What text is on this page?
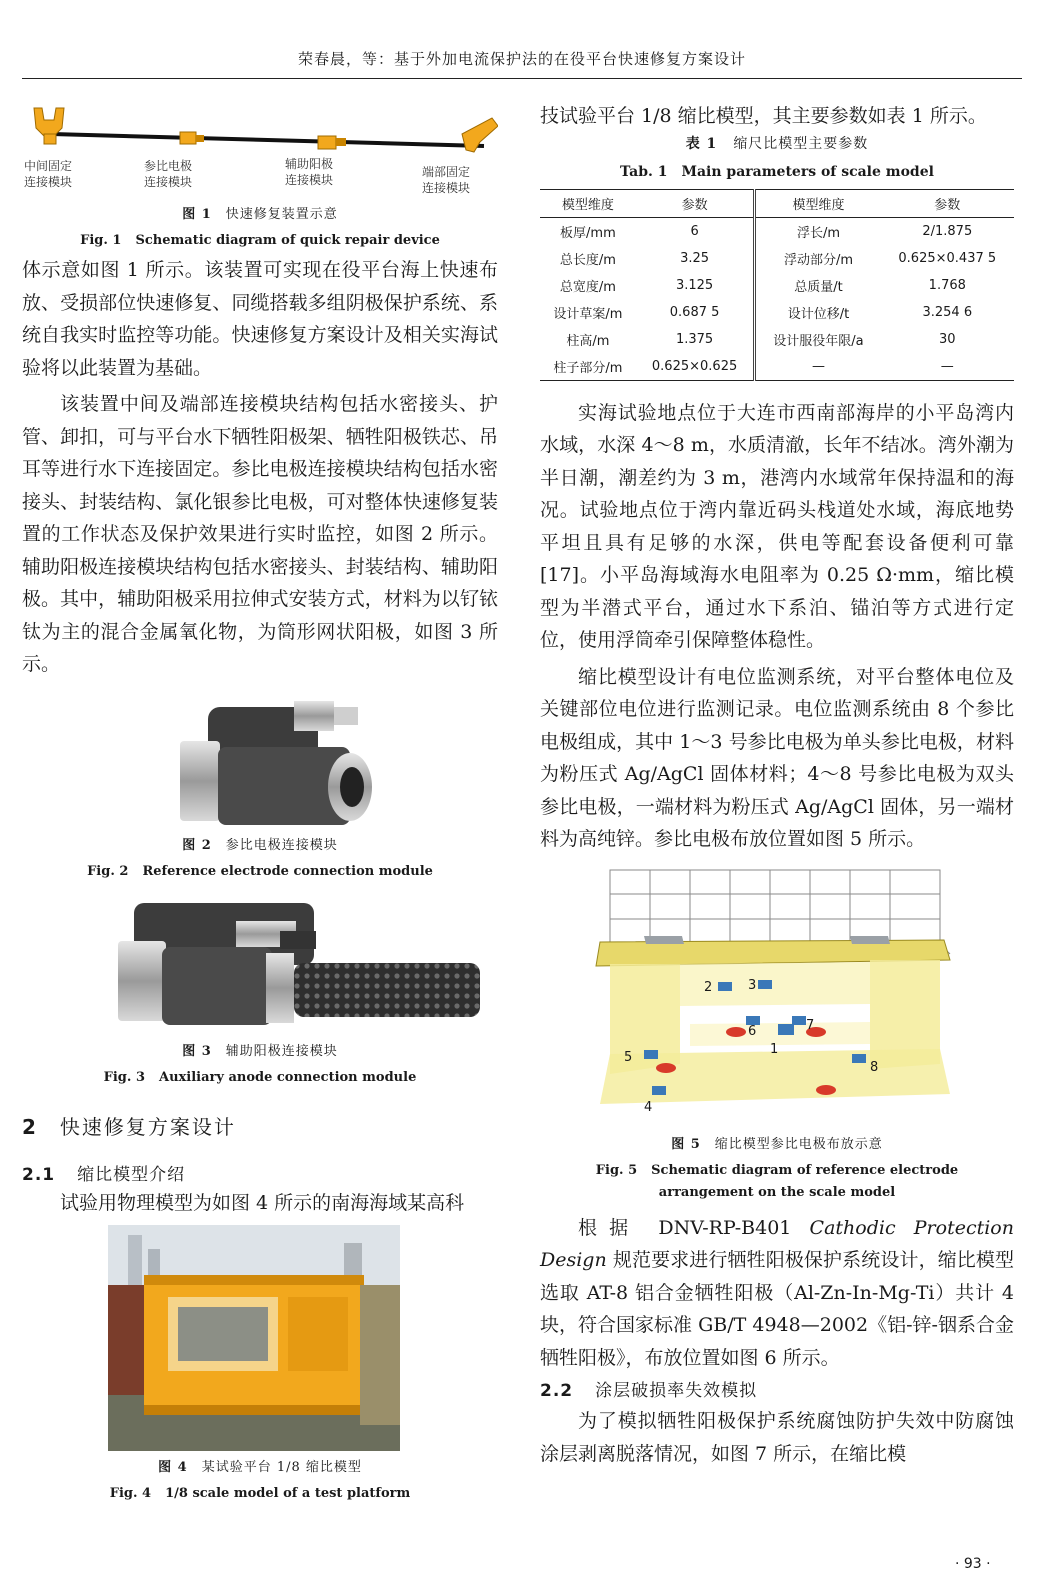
荣春晨，等：基于外加电流保护法的在役平台快速修复方案设计
中间固定
连接模块
参比电极
连接模块
辅助阳极
连接模块
端部固定
连接模块
图 1 快速修复装置示意
Fig. 1 Schematic diagram of quick repair device

体示意如图 1 所示。该装置可实现在役平台海上快速布放、受损部位快速修复、同缆搭载多组阴极保护系统、系统自我实时监控等功能。快速修复方案设计及相关实海试验将以此装置为基础。

该装置中间及端部连接模块结构包括水密接头、护管、卸扣，可与平台水下牺牲阳极架、牺牲阳极铁芯、吊耳等进行水下连接固定。参比电极连接模块结构包括水密接头、封装结构、氯化银参比电极，可对整体快速修复装置的工作状态及保护效果进行实时监控，如图 2 所示。辅助阳极连接模块结构包括水密接头、封装结构、辅助阳极。其中，辅助阳极采用拉伸式安装方式，材料为以钌铱钛为主的混合金属氧化物，为筒形网状阳极，如图 3 所示。

图 2 参比电极连接模块
Fig. 2 Reference electrode connection module
图 3 辅助阳极连接模块
Fig. 3 Auxiliary anode connection module
2 快速修复方案设计
2.1 缩比模型介绍

试验用物理模型为如图 4 所示的南海海域某高科

图 4 某试验平台 1/8 缩比模型
Fig. 4 1/8 scale model of a test platform

技试验平台 1/8 缩比模型，其主要参数如表 1 所示。

表 1 缩尺比模型主要参数
Tab. 1 Main parameters of scale model
模型维度	参数	模型维度	参数
板厚/mm	6	浮长/m	2/1.875
总长度/m	3.25	浮动部分/m	0.625×0.437 5
总宽度/m	3.125	总质量/t	1.768
设计草案/m	0.687 5	设计位移/t	3.254 6
柱高/m	1.375	设计服役年限/a	30
柱子部分/m	0.625×0.625	—	—

实海试验地点位于大连市西南部海岸的小平岛湾内水域，水深 4～8 m，水质清澈，长年不结冰。湾外潮为半日潮，潮差约为 3 m，港湾内水域常年保持温和的海况。试验地点位于湾内靠近码头栈道处水域，海底地势平坦且具有足够的水深，供电等配套设备便利可靠[17]。小平岛海域海水电阻率为 0.25 Ω·mm，缩比模型为半潜式平台，通过水下系泊、锚泊等方式进行定位，使用浮筒牵引保障整体稳性。

缩比模型设计有电位监测系统，对平台整体电位及关键部位电位进行监测记录。电位监测系统由 8 个参比电极组成，其中 1～3 号参比电极为单头参比电极，材料为粉压式 Ag/AgCl 固体材料；4～8 号参比电极为双头参比电极，一端材料为粉压式 Ag/AgCl 固体，另一端材料为高纯锌。参比电极布放位置如图 5 所示。

1
2	3
4
5
6	7
8
图 5 缩比模型参比电极布放示意
Fig. 5 Schematic diagram of reference electrode arrangement on the scale model

根据 DNV-RP-B401 Cathodic Protection Design 规范要求进行牺牲阳极保护系统设计，缩比模型选取 AT-8 铝合金牺牲阳极（Al-Zn-In-Mg-Ti）共计 4 块，符合国家标准 GB/T 4948—2002《铝-锌-铟系合金牺牲阳极》，布放位置如图 6 所示。

2.2 涂层破损率失效模拟

为了模拟牺牲阳极保护系统腐蚀防护失效中防腐蚀涂层剥离脱落情况，如图 7 所示，在缩比模

· 93 ·
